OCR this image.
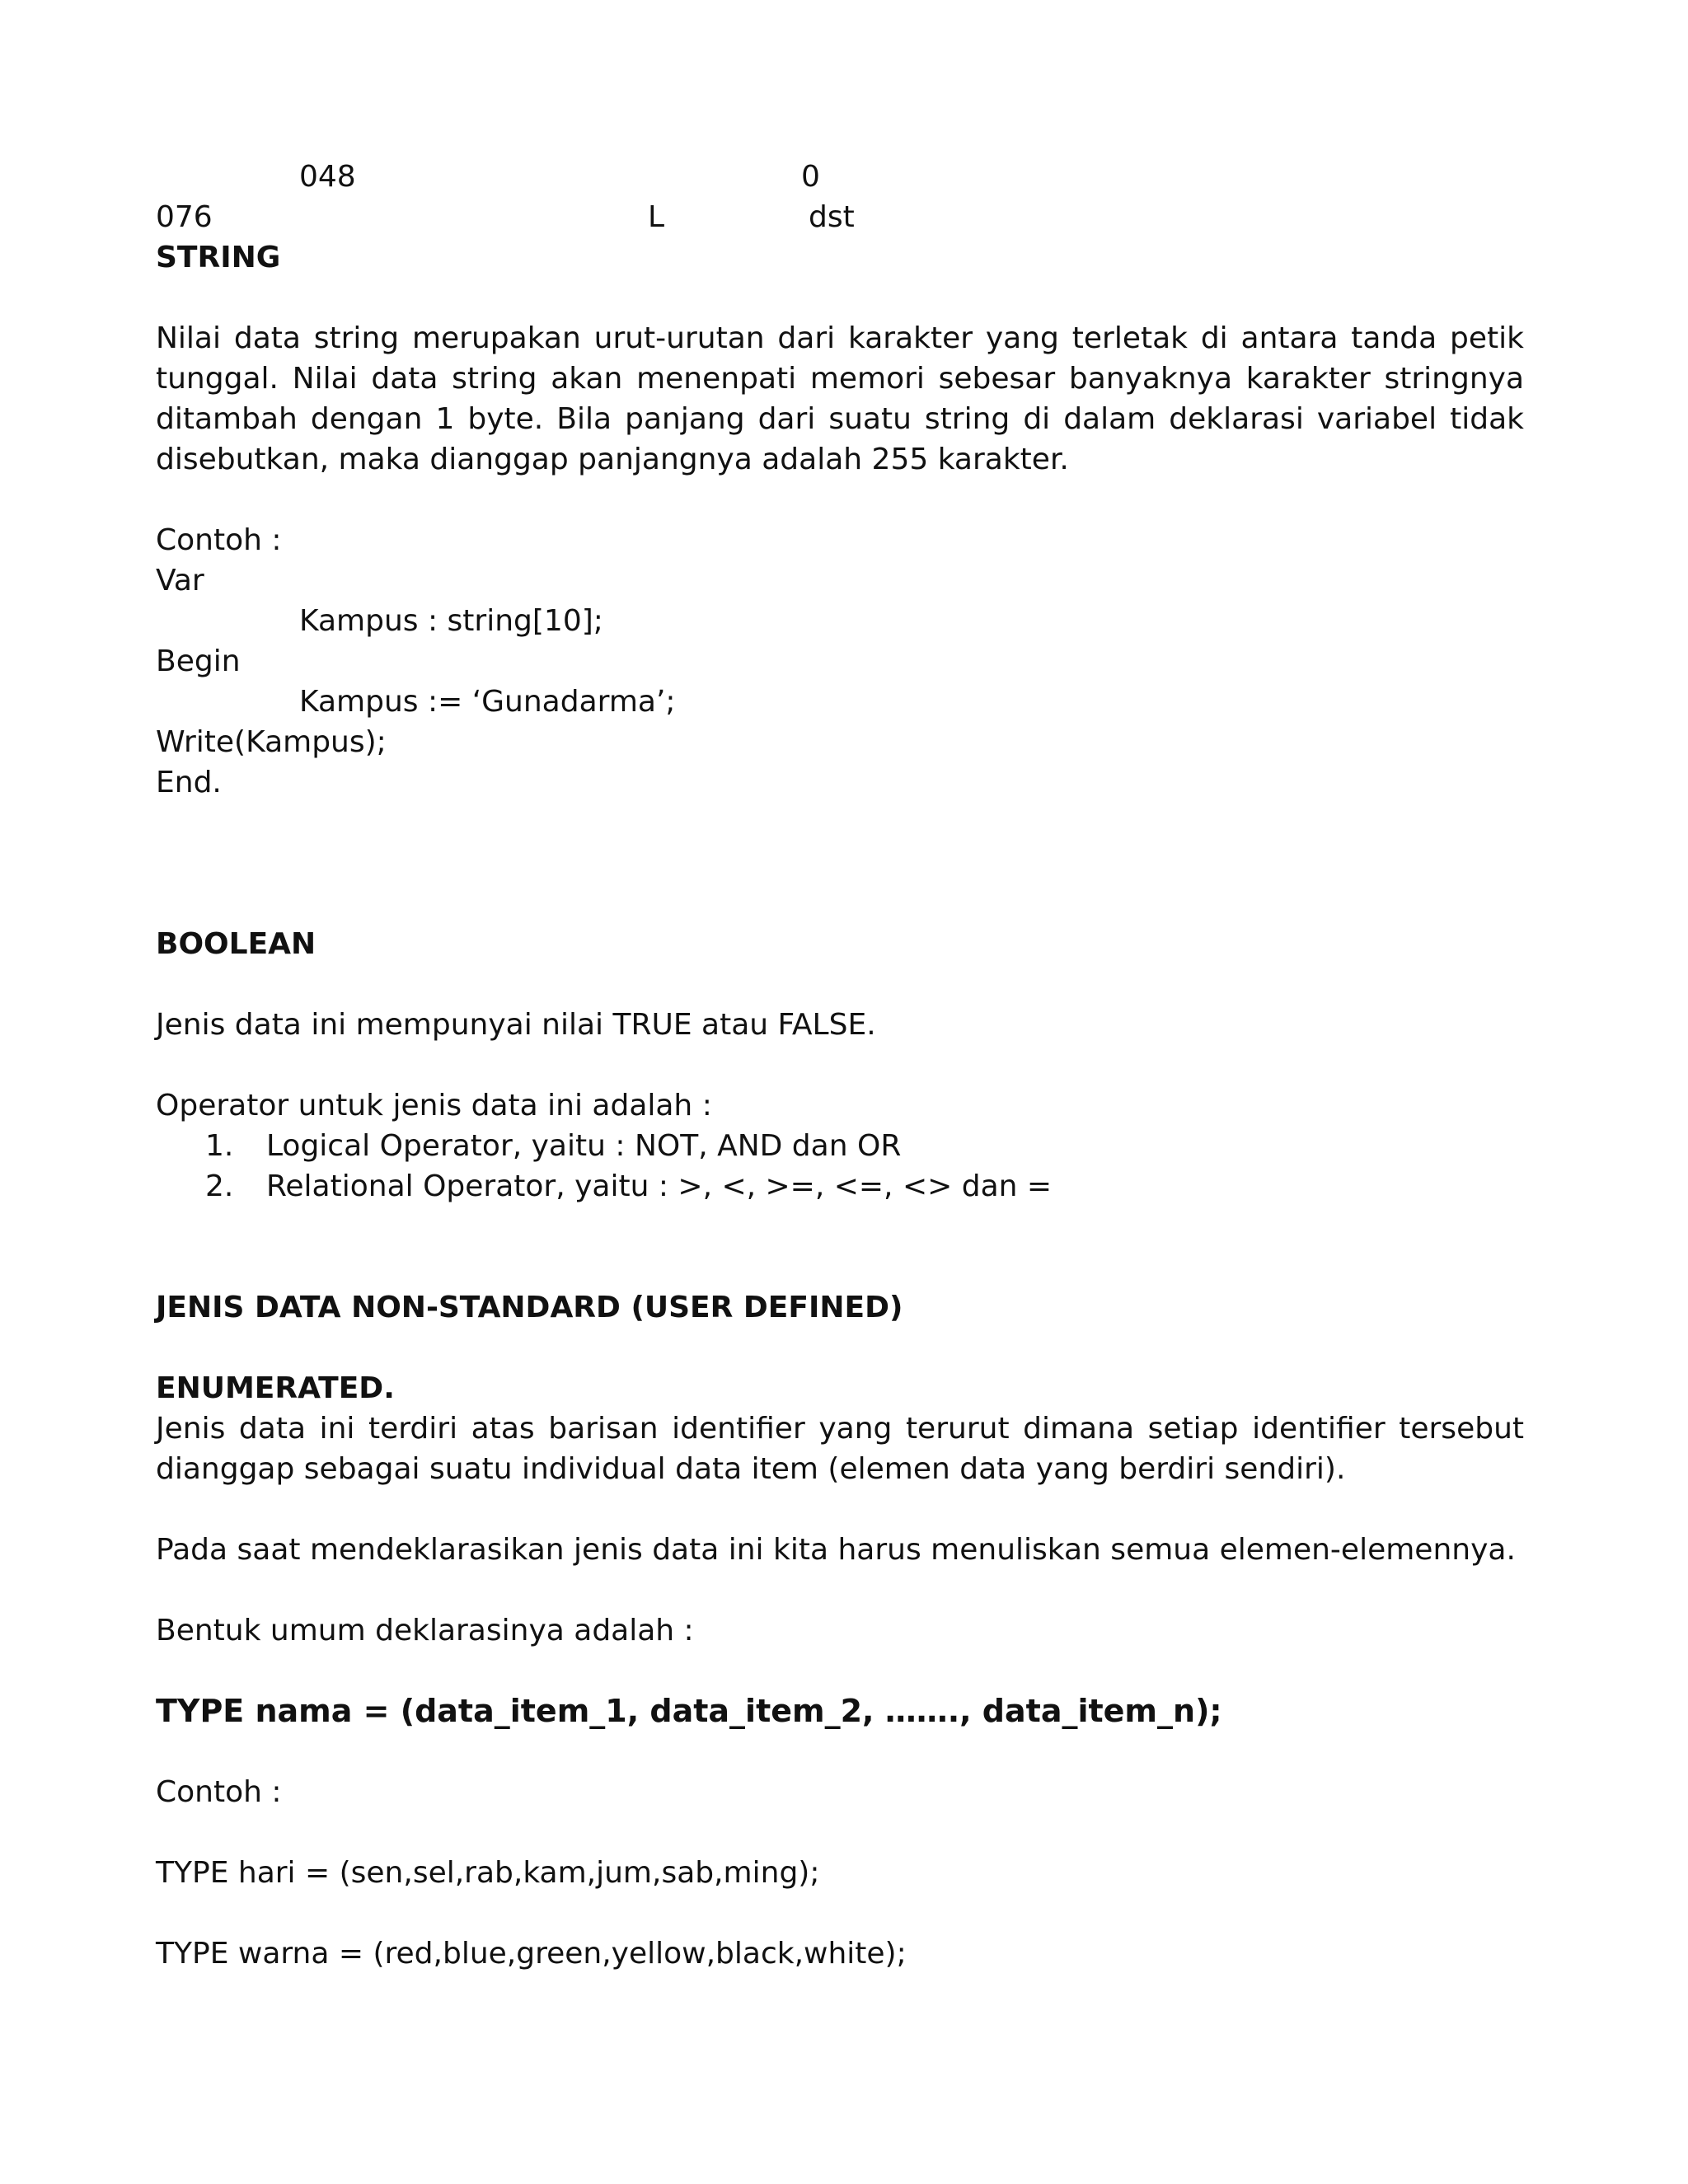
048	0
076	L	dst
STRING
Nilai data string merupakan urut-urutan dari karakter yang terletak di antara tanda petik tunggal. Nilai data string akan menenpati memori sebesar banyaknya karakter stringnya ditambah dengan 1 byte. Bila panjang dari suatu string di dalam deklarasi variabel tidak disebutkan, maka dianggap panjangnya adalah 255 karakter.
Contoh :
Var
Kampus : string[10];
Begin
Kampus := ‘Gunadarma’;
Write(Kampus);
End.
BOOLEAN
Jenis data ini mempunyai nilai TRUE atau FALSE.
Operator untuk jenis data ini adalah :
1. Logical Operator, yaitu : NOT, AND dan OR
2. Relational Operator, yaitu : >, <, >=, <=, <> dan =
JENIS DATA NON-STANDARD (USER DEFINED)
ENUMERATED.
Jenis data ini terdiri atas barisan identifier yang terurut dimana setiap identifier tersebut dianggap sebagai suatu individual data item (elemen data yang berdiri sendiri).
Pada saat mendeklarasikan jenis data ini kita harus menuliskan semua elemen-elemennya.
Bentuk umum deklarasinya adalah :
TYPE nama = (data_item_1, data_item_2, ……., data_item_n);
Contoh :
TYPE hari = (sen,sel,rab,kam,jum,sab,ming);
TYPE warna = (red,blue,green,yellow,black,white);
